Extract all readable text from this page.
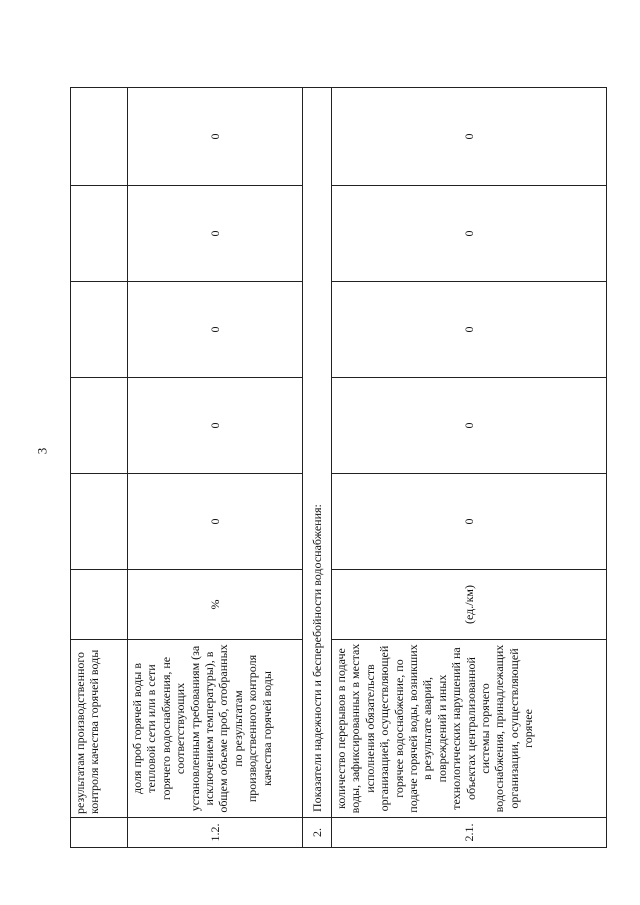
3
	результатам производственного контроля качества горячей воды						
1.2.	доля проб горячей воды в тепловой сети или в сети горячего водоснабжения, не соответствующих установленным требованиям (за исключением температуры), в общем объеме проб, отобранных по результатам производственного контроля качества горячей воды	%	0	0	0	0	0
2.	Показатели надежности и бесперебойности водоснабжения:						
2.1.	количество перерывов в подаче воды, зафиксированных в местах исполнения обязательств организацией, осуществляющей горячее водоснабжение, по подаче горячей воды, возникших в результате аварий, повреждений и иных технологических нарушений на объектах централизованной системы горячего водоснабжения, принадлежащих организации, осуществляющей горячее	(ед./км)	0	0	0	0	0
